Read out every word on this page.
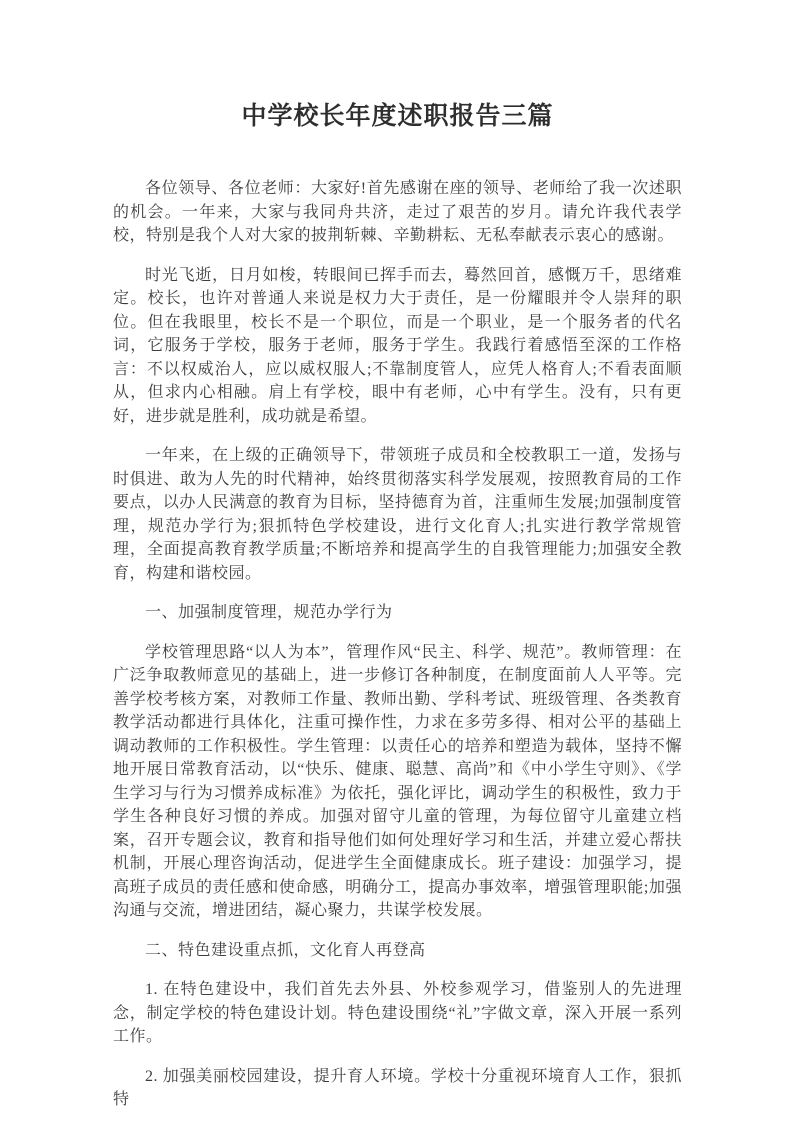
中学校长年度述职报告三篇

各位领导、各位老师：大家好!首先感谢在座的领导、老师给了我一次述职的机会。一年来，大家与我同舟共济，走过了艰苦的岁月。请允许我代表学校，特别是我个人对大家的披荆斩棘、辛勤耕耘、无私奉献表示衷心的感谢。

时光飞逝，日月如梭，转眼间已挥手而去，蓦然回首，感慨万千，思绪难定。校长，也许对普通人来说是权力大于责任，是一份耀眼并令人崇拜的职位。但在我眼里，校长不是一个职位，而是一个职业，是一个服务者的代名词，它服务于学校，服务于老师，服务于学生。我践行着感悟至深的工作格言：不以权威治人，应以威权服人;不靠制度管人，应凭人格育人;不看表面顺从，但求内心相融。肩上有学校，眼中有老师，心中有学生。没有，只有更好，进步就是胜利，成功就是希望。

一年来，在上级的正确领导下，带领班子成员和全校教职工一道，发扬与时俱进、敢为人先的时代精神，始终贯彻落实科学发展观，按照教育局的工作要点，以办人民满意的教育为目标，坚持德育为首，注重师生发展;加强制度管理，规范办学行为;狠抓特色学校建设，进行文化育人;扎实进行教学常规管理，全面提高教育教学质量;不断培养和提高学生的自我管理能力;加强安全教育，构建和谐校园。

一、加强制度管理，规范办学行为

学校管理思路“以人为本”，管理作风“民主、科学、规范”。教师管理：在广泛争取教师意见的基础上，进一步修订各种制度，在制度面前人人平等。完善学校考核方案，对教师工作量、教师出勤、学科考试、班级管理、各类教育教学活动都进行具体化，注重可操作性，力求在多劳多得、相对公平的基础上调动教师的工作积极性。学生管理：以责任心的培养和塑造为载体，坚持不懈地开展日常教育活动，以“快乐、健康、聪慧、高尚”和《中小学生守则》、《学生学习与行为习惯养成标准》为依托，强化评比，调动学生的积极性，致力于学生各种良好习惯的养成。加强对留守儿童的管理，为每位留守儿童建立档案，召开专题会议，教育和指导他们如何处理好学习和生活，并建立爱心帮扶机制，开展心理咨询活动，促进学生全面健康成长。班子建设：加强学习，提高班子成员的责任感和使命感，明确分工，提高办事效率，增强管理职能;加强沟通与交流，增进团结，凝心聚力，共谋学校发展。

二、特色建设重点抓，文化育人再登高

1. 在特色建设中，我们首先去外县、外校参观学习，借鉴别人的先进理念，制定学校的特色建设计划。特色建设围绕“礼”字做文章，深入开展一系列工作。

2. 加强美丽校园建设，提升育人环境。学校十分重视环境育人工作，狠抓特
